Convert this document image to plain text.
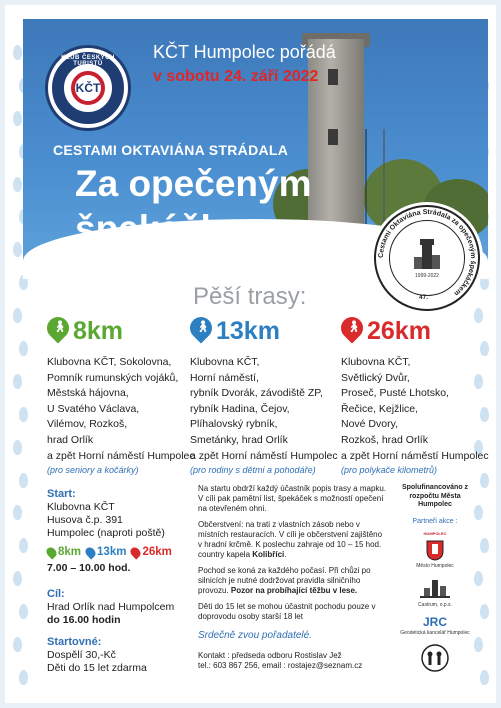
KLUB ČESKÝCH TURISTŮ
KČT
KČT Humpolec pořádá
v sobotu 24. září 2022
CESTAMI OKTAVIÁNA STRÁDALA
Za opečeným
špekáčkem
1999-2022
Cestami Oktaviána Strádala za opečeným špekáčkem
47.
Pěší trasy:
🚶︎ 8km
Klubovna KČT, Sokolovna,
Pomník rumunských vojáků,
Městská hájovna,
U Svatého Václava,
Vilémov, Rozkoš,
hrad Orlík
a zpět Horní náměstí Humpolec
(pro seniory a kočárky)
🚶︎ 13km
Klubovna KČT,
Horní náměstí,
rybník Dvorák, závodiště ZP,
rybník Hadina, Čejov,
Plíhalovský rybník,
Smetánky, hrad Orlík
a zpět Horní náměstí Humpolec
(pro rodiny s dětmi a pohodáře)
🚶︎ 26km
Klubovna KČT,
Světlický Dvůr,
Proseč, Pusté Lhotsko,
Řečice, Kejžlice,
Nové Dvory,
Rozkoš, hrad Orlík
a zpět Horní náměstí Humpolec
(pro polykače kilometrů)
Start:
Klubovna KČT
Husova č.p. 391
Humpolec (naproti poště)
8km 13km 26km
7.00 – 10.00 hod.
Cíl:
Hrad Orlík nad Humpolcem
do 16.00 hodin
Startovné:
Dospělí 30,-Kč
Děti do 15 let zdarma

Na startu obdrží každý účastník popis trasy a mapku. V cíli pak pamětní list, špekáček s možností opečení na otevřeném ohni.

Občerstvení: na trati z vlastních zásob nebo v místních restauracích. V cíli je občerstvení zajištěno v hradní krčmě. K poslechu zahraje od 10 – 15 hod. country kapela Kolibříci.

Pochod se koná za každého počasí. Při chůzi po silnicích je nutné dodržovat pravidla silničního provozu. Pozor na probíhající těžbu v lese.

Děti do 15 let se mohou účastnit pochodu pouze v doprovodu osoby starší 18 let

Srdečně zvou pořadatelé.
Kontakt : předseda odboru Rostislav Jež
tel.: 603 867 256, email : rostajez@seznam.cz
Spolufinancováno z rozpočtu Města Humpolec
Partneři akce :
HUMPOLEC
Město Humpolec
Castrum, o.p.s.
JRC
Geodetická kancelář Humpolec
